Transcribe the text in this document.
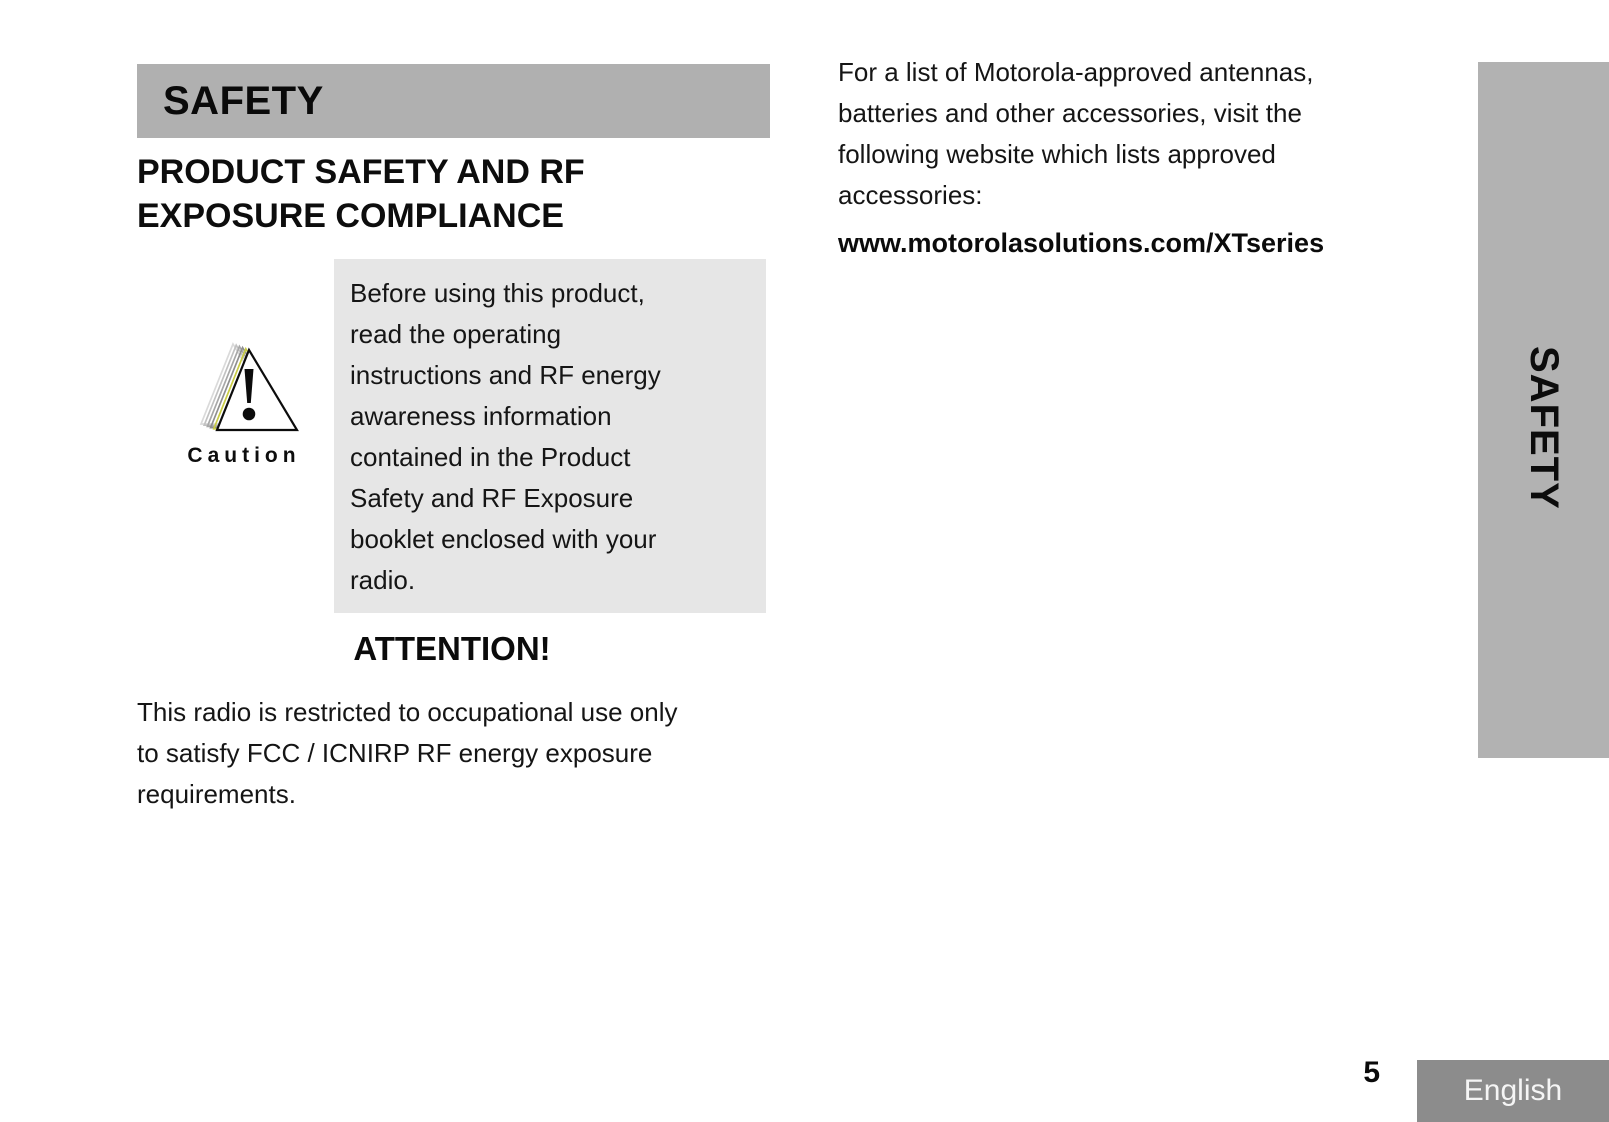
SAFETY
PRODUCT SAFETY AND RF
EXPOSURE COMPLIANCE
Before using this product,
read the operating
instructions and RF energy
awareness information
contained in the Product
Safety and RF Exposure
booklet enclosed with your
radio.
Caution
ATTENTION!
This radio is restricted to occupational use only
to satisfy FCC / ICNIRP RF energy exposure
requirements.
For a list of Motorola-approved antennas,
batteries and other accessories, visit the
following website which lists approved
accessories:
www.motorolasolutions.com/XTseries
SAFETY
5
English
